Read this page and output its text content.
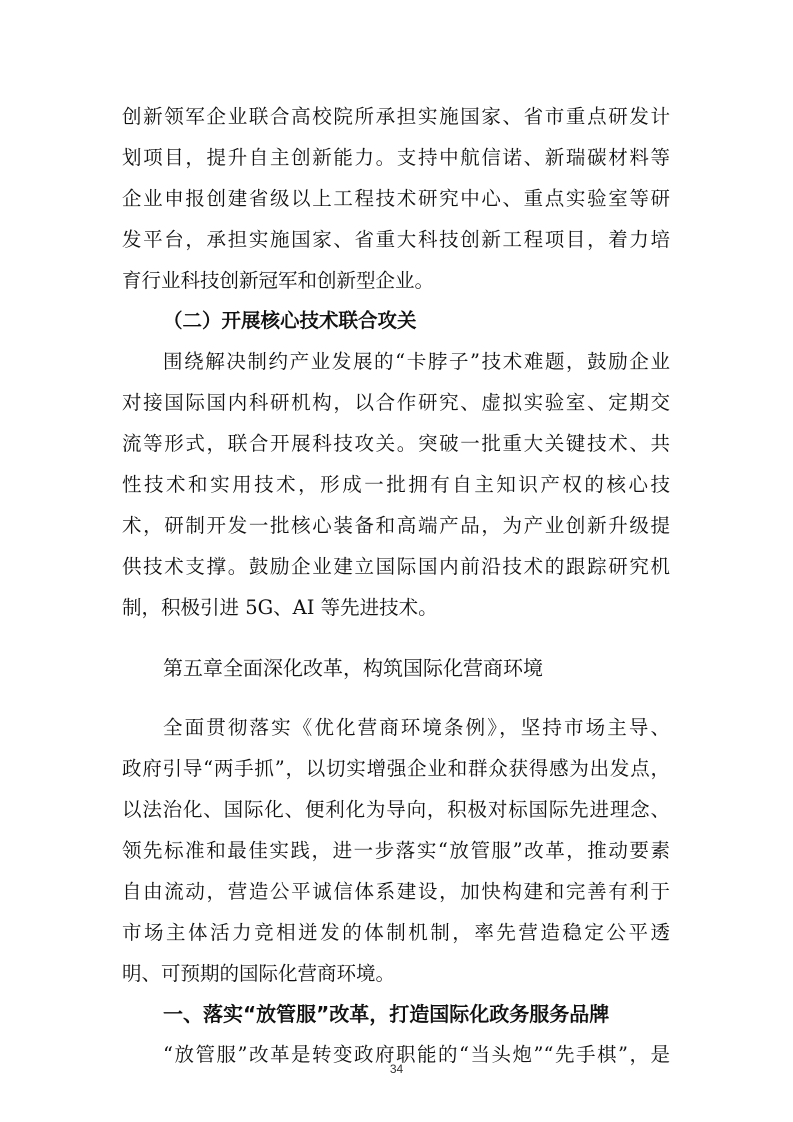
创新领军企业联合高校院所承担实施国家、省市重点研发计
划项目，提升自主创新能力。支持中航信诺、新瑞碳材料等
企业申报创建省级以上工程技术研究中心、重点实验室等研
发平台，承担实施国家、省重大科技创新工程项目，着力培
育行业科技创新冠军和创新型企业。
（二）开展核心技术联合攻关
围绕解决制约产业发展的“卡脖子”技术难题，鼓励企业
对接国际国内科研机构，以合作研究、虚拟实验室、定期交
流等形式，联合开展科技攻关。突破一批重大关键技术、共
性技术和实用技术，形成一批拥有自主知识产权的核心技
术，研制开发一批核心装备和高端产品，为产业创新升级提
供技术支撑。鼓励企业建立国际国内前沿技术的跟踪研究机
制，积极引进 5G、AI 等先进技术。
第五章全面深化改革，构筑国际化营商环境
全面贯彻落实《优化营商环境条例》，坚持市场主导、
政府引导“两手抓”，以切实增强企业和群众获得感为出发点，
以法治化、国际化、便利化为导向，积极对标国际先进理念、
领先标准和最佳实践，进一步落实“放管服”改革，推动要素
自由流动，营造公平诚信体系建设，加快构建和完善有利于
市场主体活力竞相迸发的体制机制，率先营造稳定公平透
明、可预期的国际化营商环境。
一、落实“放管服”改革，打造国际化政务服务品牌
“放管服”改革是转变政府职能的“当头炮”“先手棋”，是
34
